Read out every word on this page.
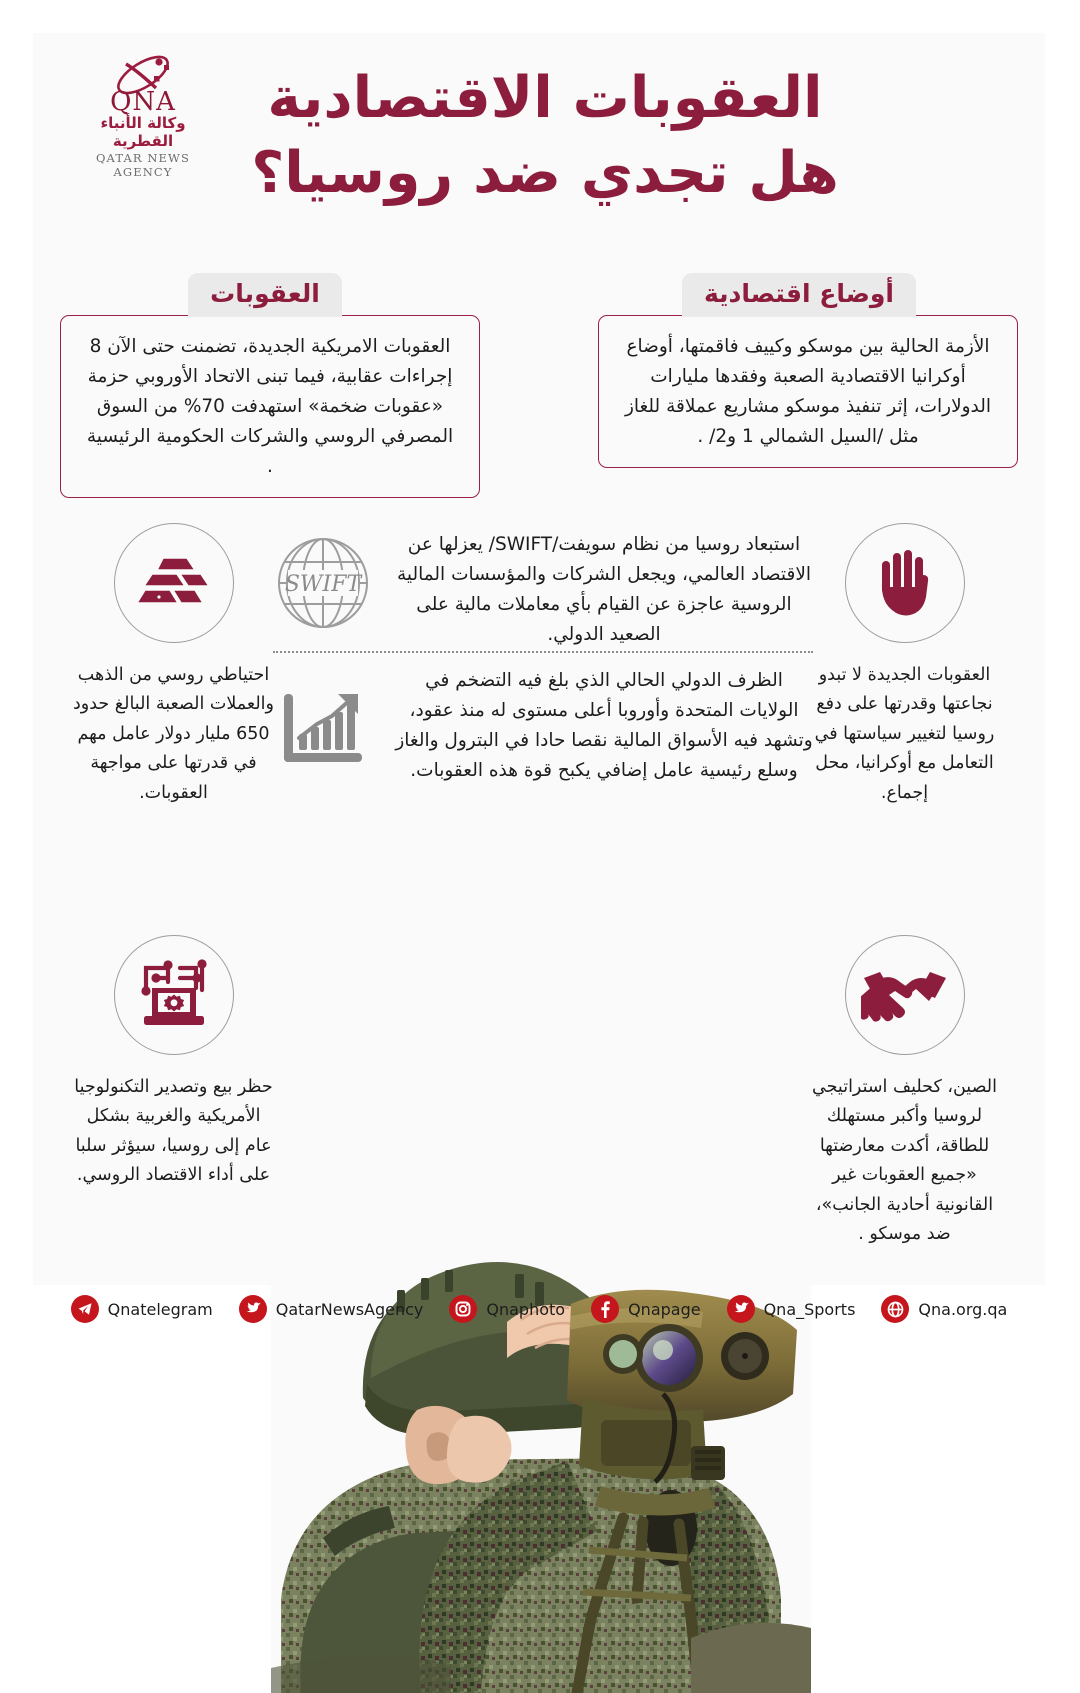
العقوبات الاقتصادية
هل تجدي ضد روسيا؟
QNA
وكالة الأنباء القطرية
QATAR NEWS AGENCY
أوضاع اقتصادية
الأزمة الحالية بين موسكو وكييف فاقمتها، أوضاع أوكرانيا الاقتصادية الصعبة وفقدها مليارات الدولارات، إثر تنفيذ موسكو مشاريع عملاقة للغاز مثل /السيل الشمالي 1 و2/ .
العقوبات
العقوبات الامريكية الجديدة، تضمنت حتى الآن 8 إجراءات عقابية، فيما تبنى الاتحاد الأوروبي حزمة «عقوبات ضخمة» استهدفت 70% من السوق المصرفي الروسي والشركات الحكومية الرئيسية .
احتياطي روسي من الذهب والعملات الصعبة البالغ حدود 650 مليار دولار عامل مهم في قدرتها على مواجهة العقوبات.
العقوبات الجديدة لا تبدو نجاعتها وقدرتها على دفع روسيا لتغيير سياستها في التعامل مع أوكرانيا، محل إجماع.
استبعاد روسيا من نظام سويفت/SWIFT/ يعزلها عن الاقتصاد العالمي، ويجعل الشركات والمؤسسات المالية الروسية عاجزة عن القيام بأي معاملات مالية على الصعيد الدولي.
SWIFT
الظرف الدولي الحالي الذي بلغ فيه التضخم في الولايات المتحدة وأوروبا أعلى مستوى له منذ عقود، وتشهد فيه الأسواق المالية نقصا حادا في البترول والغاز وسلع رئيسية عامل إضافي يكبح قوة هذه العقوبات.
حظر بيع وتصدير التكنولوجيا الأمريكية والغربية بشكل عام إلى روسيا، سيؤثر سلبا على أداء الاقتصاد الروسي.
الصين، كحليف استراتيجي لروسيا وأكبر مستهلك للطاقة، أكدت معارضتها «جميع العقوبات غير القانونية أحادية الجانب»، ضد موسكو .
Qnatelegram	QatarNewsAgency	Qnaphoto	Qnapage	Qna_Sports	Qna.org.qa
